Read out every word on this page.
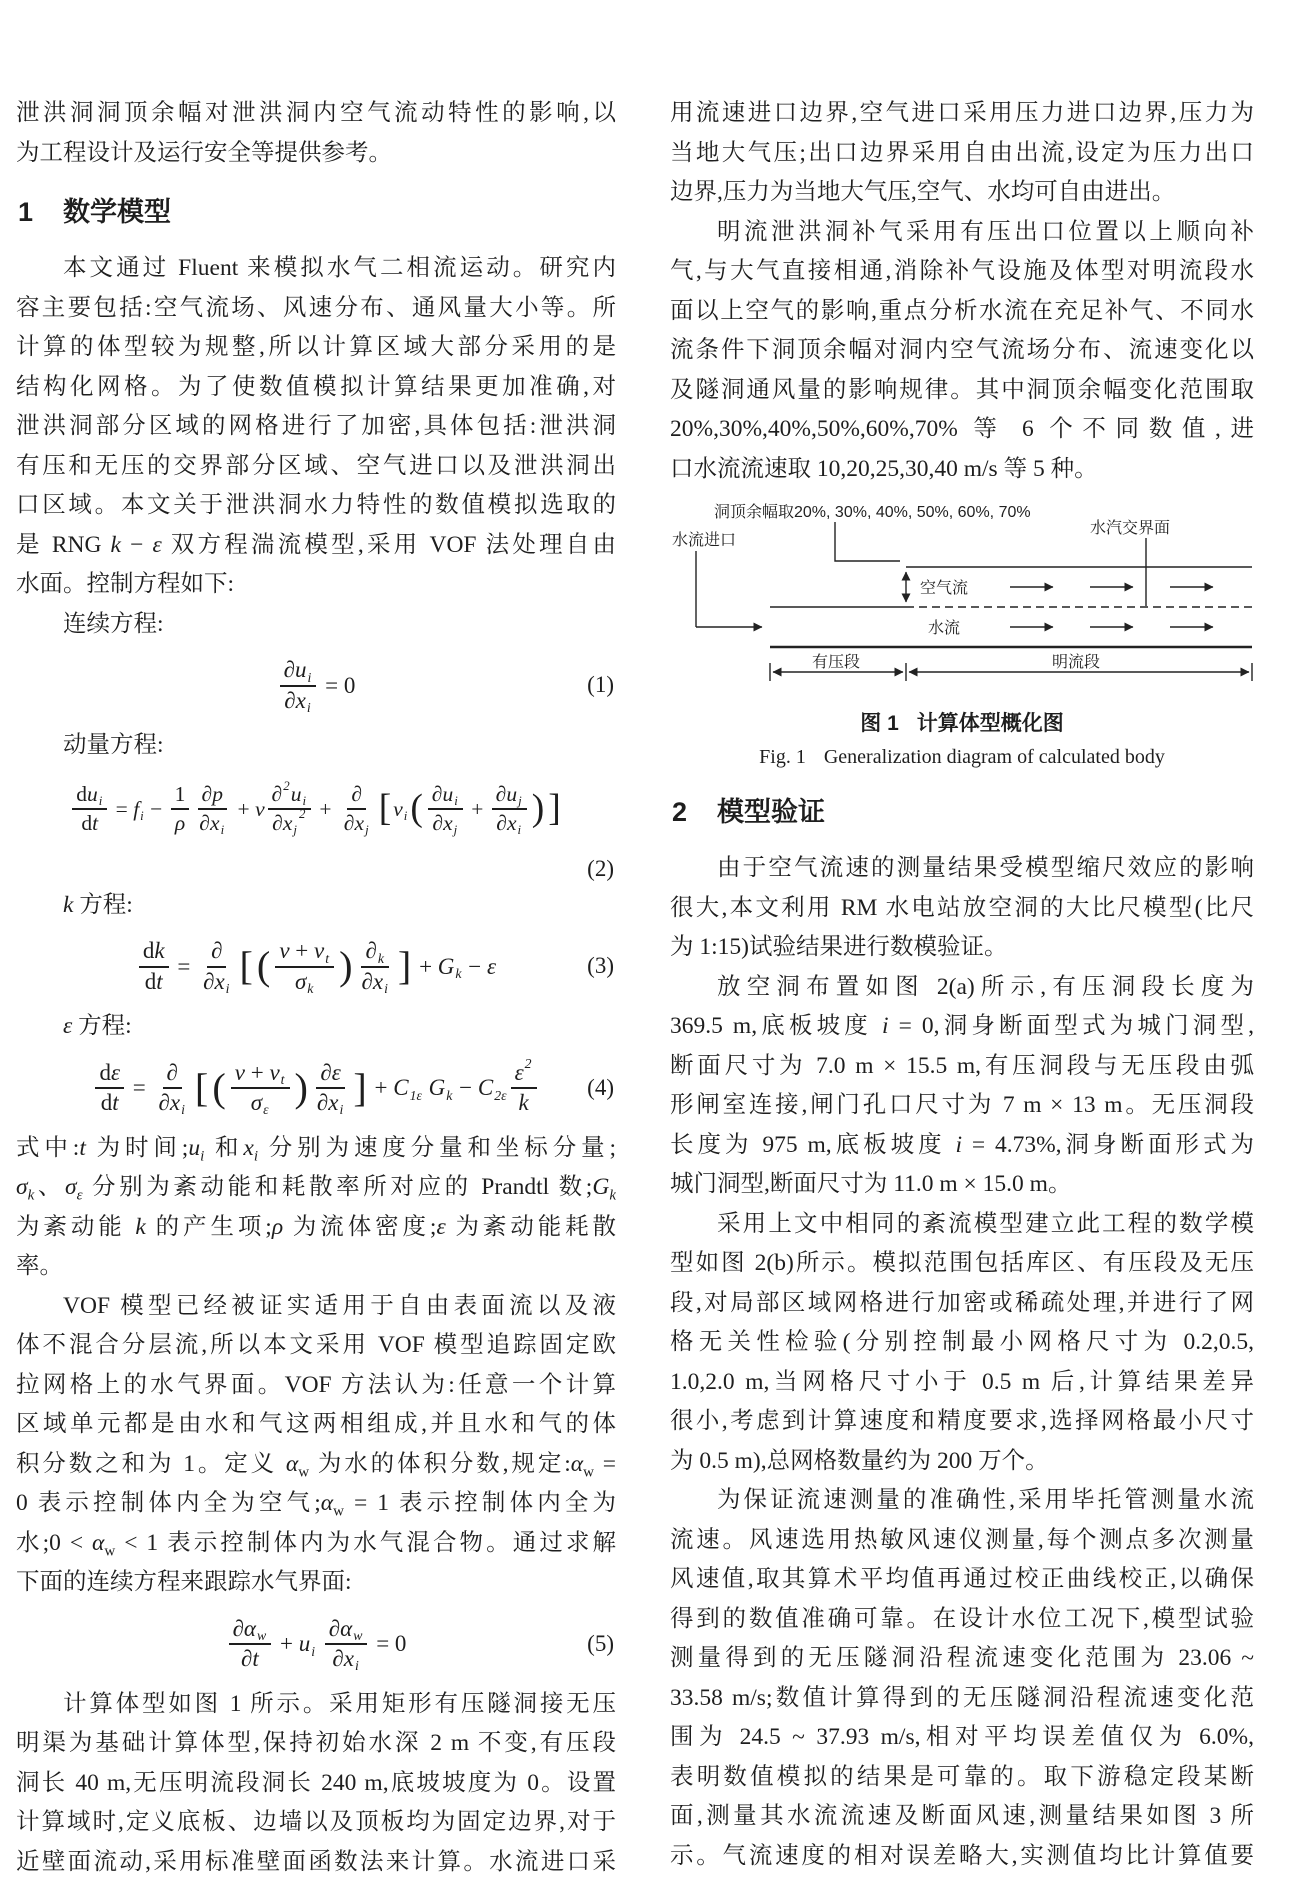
泄洪洞洞顶余幅对泄洪洞内空气流动特性的影响,以
为工程设计及运行安全等提供参考。
1 数学模型
本文通过 Fluent 来模拟水气二相流运动。研究内
容主要包括:空气流场、风速分布、通风量大小等。所
计算的体型较为规整,所以计算区域大部分采用的是
结构化网格。为了使数值模拟计算结果更加准确,对
泄洪洞部分区域的网格进行了加密,具体包括:泄洪洞
有压和无压的交界部分区域、空气进口以及泄洪洞出
口区域。本文关于泄洪洞水力特性的数值模拟选取的
是 RNG k − ε 双方程湍流模型,采用 VOF 法处理自由
水面。控制方程如下:
连续方程:
$\frac{\text{∂u i}}{\text{∂x i}} = 0$	(1)
动量方程:
d u i
d t
= f $i - \frac{1}{\rho} \partial p$
∂x i
+ v
∂ 2 u i
∂x j
2 +
∂
∂x j
[ v i ( ∂u i
∂x j
+ $\frac{\text{∂u j}}{\text{∂x i}}$ ) ]
(2)
k 方程:
$\frac{\text{d k}}{\text{d t}}$ =
∂
∂x i
[ ( v + v t
σ k
) ∂ k
∂x i
] + G k − ε	(3)
ε 方程:
$\frac{\text{d ε}}{\text{d t}}$ =
∂
∂x i
[ ( v + v t
σ ε
) ∂ε
∂x i
] + C 1ε G k − C 2ε
ε 2
k
(4)
式中:t 为时间$;u_i$ 和$x_i$ 分别为速度分量和坐标分量;
$\sigma_k$、$\sigma_\varepsilon$ 分别为紊动能和耗散率所对应的 Prandtl 数$;G_k$
为紊动能 k 的产生项;ρ 为流体密度;ε 为紊动能耗散
率。
VOF 模型已经被证实适用于自由表面流以及液
体不混合分层流,所以本文采用 VOF 模型追踪固定欧
拉网格上的水气界面。VOF 方法认为:任意一个计算
区域单元都是由水和气这两相组成,并且水和气的体
积分数之和为 1。定义 $\alpha_w$ 为水的体积分数,规定$:\alpha_w$ =
0 表示控制体内全为空气$;\alpha_w = 1$ 表示控制体内全为
水;0 < $\alpha_w < 1$ 表示控制体内为水气混合物。通过求解
下面的连续方程来跟踪水气界面:
∂α w
∂t
+ u i
$\frac{\text{∂α w}}{\text{∂x i}} = 0$	(5)
计算体型如图 1 所示。采用矩形有压隧洞接无压
明渠为基础计算体型,保持初始水深 2 m 不变,有压段
洞长 40 m,无压明流段洞长 240 m,底坡坡度为 0。设置
计算域时,定义底板、边墙以及顶板均为固定边界,对于
近壁面流动,采用标准壁面函数法来计算。水流进口采
用流速进口边界,空气进口采用压力进口边界,压力为
当地大气压;出口边界采用自由出流,设定为压力出口
边界,压力为当地大气压,空气、水均可自由进出。
明流泄洪洞补气采用有压出口位置以上顺向补
气,与大气直接相通,消除补气设施及体型对明流段水
面以上空气的影响,重点分析水流在充足补气、不同水
流条件下洞顶余幅对洞内空气流场分布、流速变化以
及隧洞通风量的影响规律。其中洞顶余幅变化范围取
20%,30%,40%,50%,60%,70% 等 6 个不同数值,进
口水流流速取 10,20,25,30,40 m/s 等 5 种。
洞顶余幅取20%, 30%, 40%, 50%, 60%, 70%
水流进口
水汽交界面
空气流
水流
有压段	明流段
图 1 计算体型概化图
Fig. 1 Generalization diagram of calculated body
2 模型验证
由于空气流速的测量结果受模型缩尺效应的影响
很大,本文利用 RM 水电站放空洞的大比尺模型(比尺
为 1:15)试验结果进行数模验证。
放空洞布置如图 2(a)所示,有压洞段长度为
369.5 m,底板坡度 i = 0,洞身断面型式为城门洞型,
断面尺寸为 7.0 m × 15.5 m,有压洞段与无压段由弧
形闸室连接,闸门孔口尺寸为 7 m × 13 m。无压洞段
长度为 975 m,底板坡度 i = 4.73%,洞身断面形式为
城门洞型,断面尺寸为 11.0 m × 15.0 m。
采用上文中相同的紊流模型建立此工程的数学模
型如图 2(b)所示。模拟范围包括库区、有压段及无压
段,对局部区域网格进行加密或稀疏处理,并进行了网
格无关性检验(分别控制最小网格尺寸为 0.2,0.5,
1.0,2.0 m,当网格尺寸小于 0.5 m 后,计算结果差异
很小,考虑到计算速度和精度要求,选择网格最小尺寸
为 0.5 m),总网格数量约为 200 万个。
为保证流速测量的准确性,采用毕托管测量水流
流速。风速选用热敏风速仪测量,每个测点多次测量
风速值,取其算术平均值再通过校正曲线校正,以确保
得到的数值准确可靠。在设计水位工况下,模型试验
测量得到的无压隧洞沿程流速变化范围为 23.06 ~
33.58 m/s;数值计算得到的无压隧洞沿程流速变化范
围为 24.5 ~ 37.93 m/s,相对平均误差值仅为 6.0%,
表明数值模拟的结果是可靠的。取下游稳定段某断
面,测量其水流流速及断面风速,测量结果如图 3 所
示。气流速度的相对误差略大,实测值均比计算值要
